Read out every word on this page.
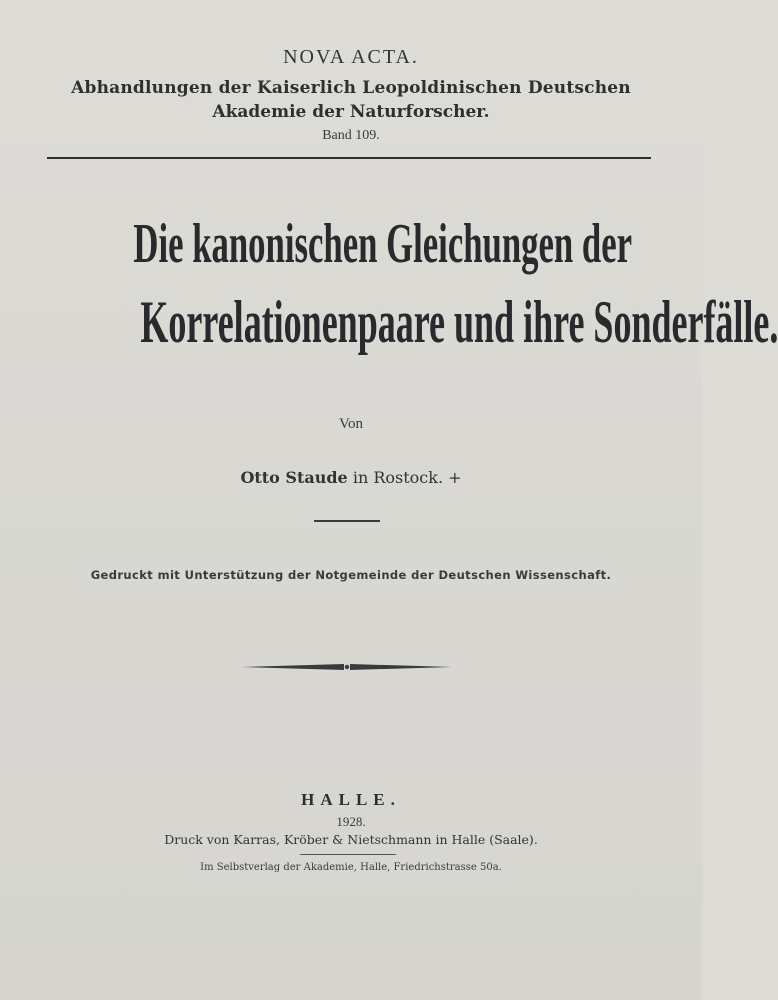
NOVA ACTA.
Abhandlungen der Kaiserlich Leopoldinischen Deutschen
Akademie der Naturforscher.
Band 109.
Die kanonischen Gleichungen der
Korrelationenpaare und ihre Sonderfälle.
Von
Otto Staude in Rostock. +
Gedruckt mit Unterstützung der Notgemeinde der Deutschen Wissenschaft.
HALLE.
1928.
Druck von Karras, Kröber & Nietschmann in Halle (Saale).
Im Selbstverlag der Akademie, Halle, Friedrichstrasse 50a.
